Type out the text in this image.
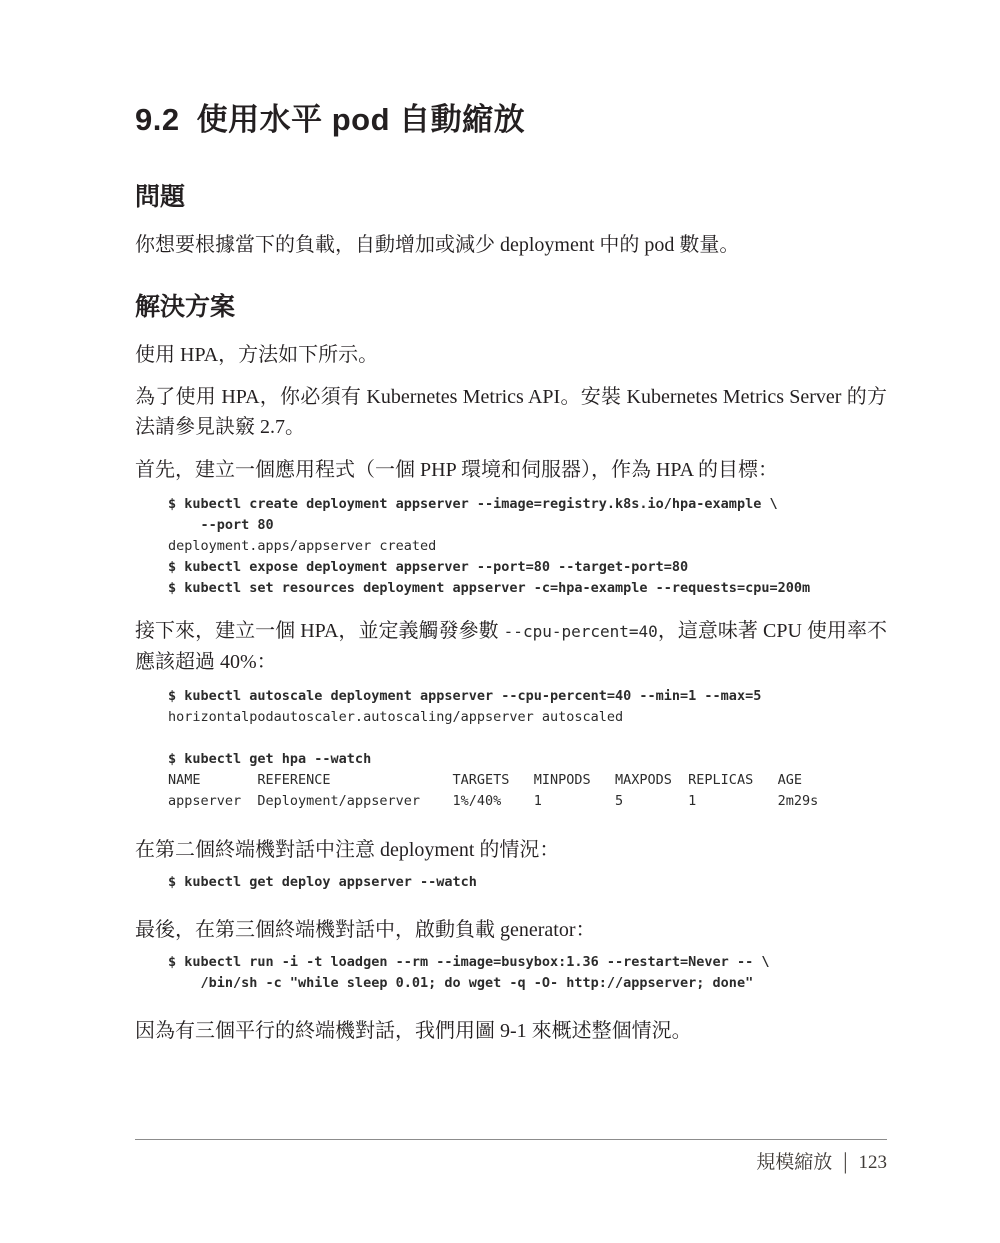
9.2 使用水平 pod 自動縮放
問題

你想要根據當下的負載，自動增加或減少 deployment 中的 pod 數量。

解決方案

使用 HPA，方法如下所示。

為了使用 HPA，你必須有 Kubernetes Metrics API。安裝 Kubernetes Metrics Server 的方法請參見訣竅 2.7。

首先，建立一個應用程式（一個 PHP 環境和伺服器），作為 HPA 的目標：

$ kubectl create deployment appserver --image=registry.k8s.io/hpa-example \
--port 80
deployment.apps/appserver created
$ kubectl expose deployment appserver --port=80 --target-port=80
$ kubectl set resources deployment appserver -c=hpa-example --requests=cpu=200m

接下來，建立一個 HPA，並定義觸發參數 --cpu-percent=40，這意味著 CPU 使用率不應該超過 40%：

$ kubectl autoscale deployment appserver --cpu-percent=40 --min=1 --max=5
horizontalpodautoscaler.autoscaling/appserver autoscaled

$ kubectl get hpa --watch
NAME       REFERENCE               TARGETS   MINPODS   MAXPODS  REPLICAS   AGE
appserver  Deployment/appserver    1%/40%    1         5        1          2m29s

在第二個終端機對話中注意 deployment 的情況：

$ kubectl get deploy appserver --watch

最後，在第三個終端機對話中，啟動負載 generator：

$ kubectl run -i -t loadgen --rm --image=busybox:1.36 --restart=Never -- \
/bin/sh -c "while sleep 0.01; do wget -q -O- http://appserver; done"

因為有三個平行的終端機對話，我們用圖 9-1 來概述整個情況。

規模縮放 | 123
